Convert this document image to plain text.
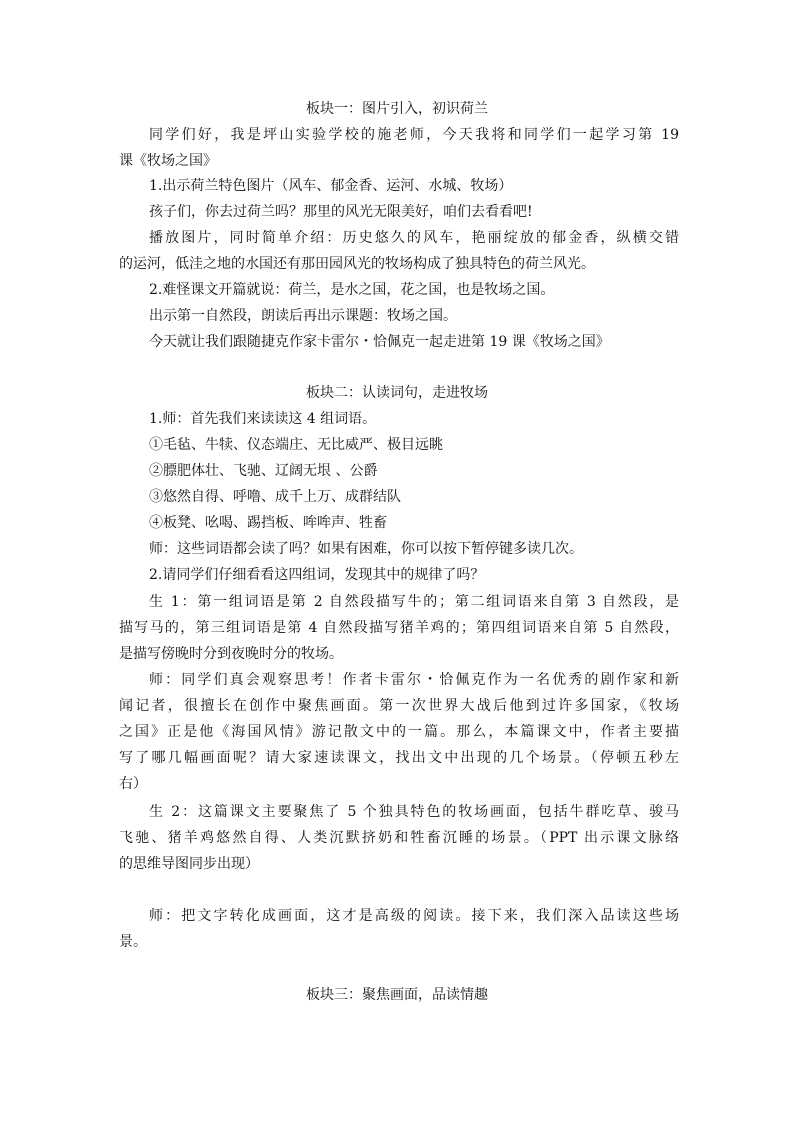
板块一：图片引入，初识荷兰
同学们好，我是坪山实验学校的施老师，今天我将和同学们一起学习第 19
课《牧场之国》
1.出示荷兰特色图片（风车、郁金香、运河、水城、牧场）
孩子们，你去过荷兰吗？那里的风光无限美好，咱们去看看吧!
播放图片，同时简单介绍：历史悠久的风车，艳丽绽放的郁金香，纵横交错
的运河，低洼之地的水国还有那田园风光的牧场构成了独具特色的荷兰风光。
2.难怪课文开篇就说：荷兰，是水之国，花之国，也是牧场之国。
出示第一自然段，朗读后再出示课题：牧场之国。
今天就让我们跟随捷克作家卡雷尔・恰佩克一起走进第 19 课《牧场之国》
板块二：认读词句，走进牧场
1.师：首先我们来读读这 4 组词语。
①毛毡、牛犊、仪态端庄、无比威严、极目远眺
②膘肥体壮、飞驰、辽阔无垠 、公爵
③悠然自得、呼噜、成千上万、成群结队
④板凳、吆喝、踢挡板、哞哞声、牲畜
师：这些词语都会读了吗？如果有困难，你可以按下暂停键多读几次。
2.请同学们仔细看看这四组词，发现其中的规律了吗？
生 1：第一组词语是第 2 自然段描写牛的；第二组词语来自第 3 自然段，是
描写马的，第三组词语是第 4 自然段描写猪羊鸡的；第四组词语来自第 5 自然段，
是描写傍晚时分到夜晚时分的牧场。
师：同学们真会观察思考！作者卡雷尔・恰佩克作为一名优秀的剧作家和新
闻记者，很擅长在创作中聚焦画面。第一次世界大战后他到过许多国家，《牧场
之国》正是他《海国风情》游记散文中的一篇。那么，本篇课文中，作者主要描
写了哪几幅画面呢？请大家速读课文，找出文中出现的几个场景。（停顿五秒左
右）
生 2：这篇课文主要聚焦了 5 个独具特色的牧场画面，包括牛群吃草、骏马
飞驰、猪羊鸡悠然自得、人类沉默挤奶和牲畜沉睡的场景。（PPT 出示课文脉络
的思维导图同步出现）
师：把文字转化成画面，这才是高级的阅读。接下来，我们深入品读这些场
景。
板块三：聚焦画面，品读情趣
